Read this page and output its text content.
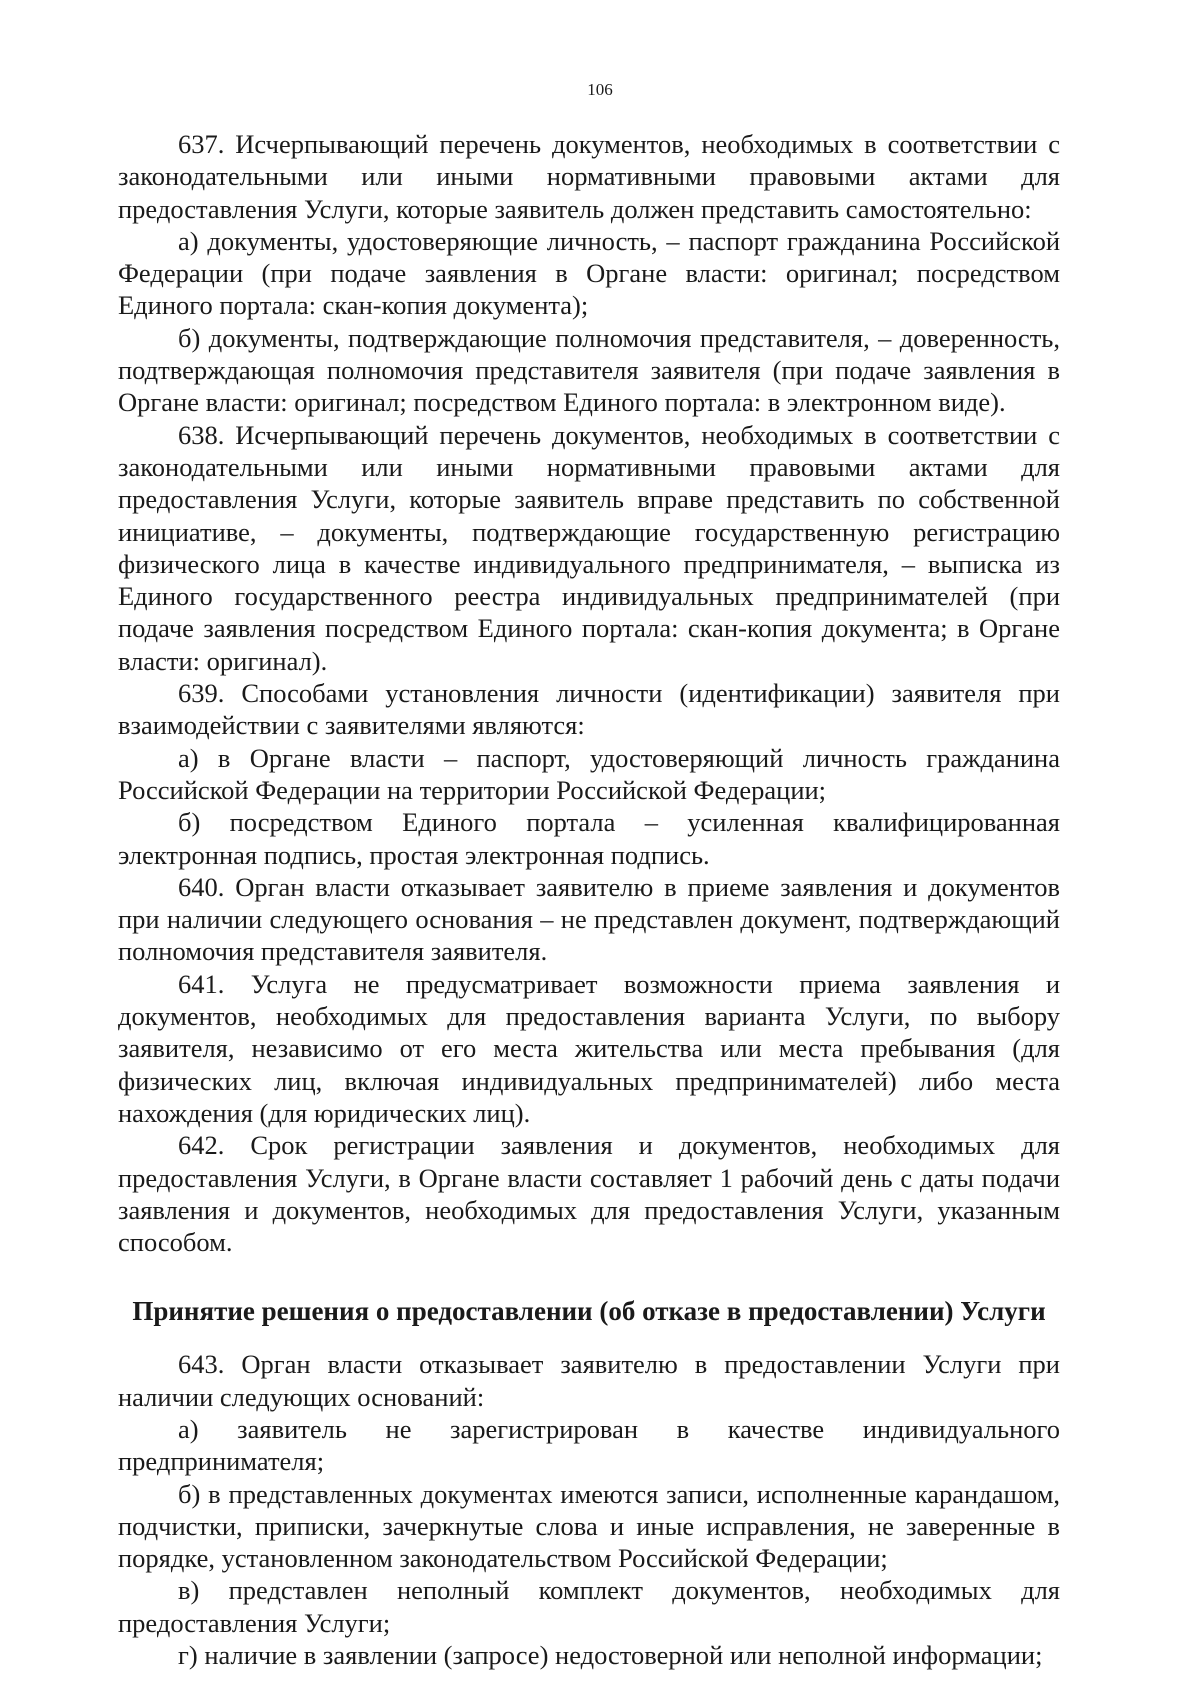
106

637. Исчерпывающий перечень документов, необходимых в соответствии с законодательными или иными нормативными правовыми актами для предоставления Услуги, которые заявитель должен представить самостоятельно:

а) документы, удостоверяющие личность, – паспорт гражданина Российской Федерации (при подаче заявления в Органе власти: оригинал; посредством Единого портала: скан-копия документа);

б) документы, подтверждающие полномочия представителя, – доверенность, подтверждающая полномочия представителя заявителя (при подаче заявления в Органе власти: оригинал; посредством Единого портала: в электронном виде).

638. Исчерпывающий перечень документов, необходимых в соответствии с законодательными или иными нормативными правовыми актами для предоставления Услуги, которые заявитель вправе представить по собственной инициативе, – документы, подтверждающие государственную регистрацию физического лица в качестве индивидуального предпринимателя, – выписка из Единого государственного реестра индивидуальных предпринимателей (при подаче заявления посредством Единого портала: скан-копия документа; в Органе власти: оригинал).

639. Способами установления личности (идентификации) заявителя при взаимодействии с заявителями являются:

а) в Органе власти – паспорт, удостоверяющий личность гражданина Российской Федерации на территории Российской Федерации;

б) посредством Единого портала – усиленная квалифицированная электронная подпись, простая электронная подпись.

640. Орган власти отказывает заявителю в приеме заявления и документов при наличии следующего основания – не представлен документ, подтверждающий полномочия представителя заявителя.

641. Услуга не предусматривает возможности приема заявления и документов, необходимых для предоставления варианта Услуги, по выбору заявителя, независимо от его места жительства или места пребывания (для физических лиц, включая индивидуальных предпринимателей) либо места нахождения (для юридических лиц).

642. Срок регистрации заявления и документов, необходимых для предоставления Услуги, в Органе власти составляет 1 рабочий день с даты подачи заявления и документов, необходимых для предоставления Услуги, указанным способом.

Принятие решения о предоставлении (об отказе в предоставлении) Услуги

643. Орган власти отказывает заявителю в предоставлении Услуги при наличии следующих оснований:

а) заявитель не зарегистрирован в качестве индивидуального предпринимателя;

б) в представленных документах имеются записи, исполненные карандашом, подчистки, приписки, зачеркнутые слова и иные исправления, не заверенные в порядке, установленном законодательством Российской Федерации;

в) представлен неполный комплект документов, необходимых для предоставления Услуги;

г) наличие в заявлении (запросе) недостоверной или неполной информации;
